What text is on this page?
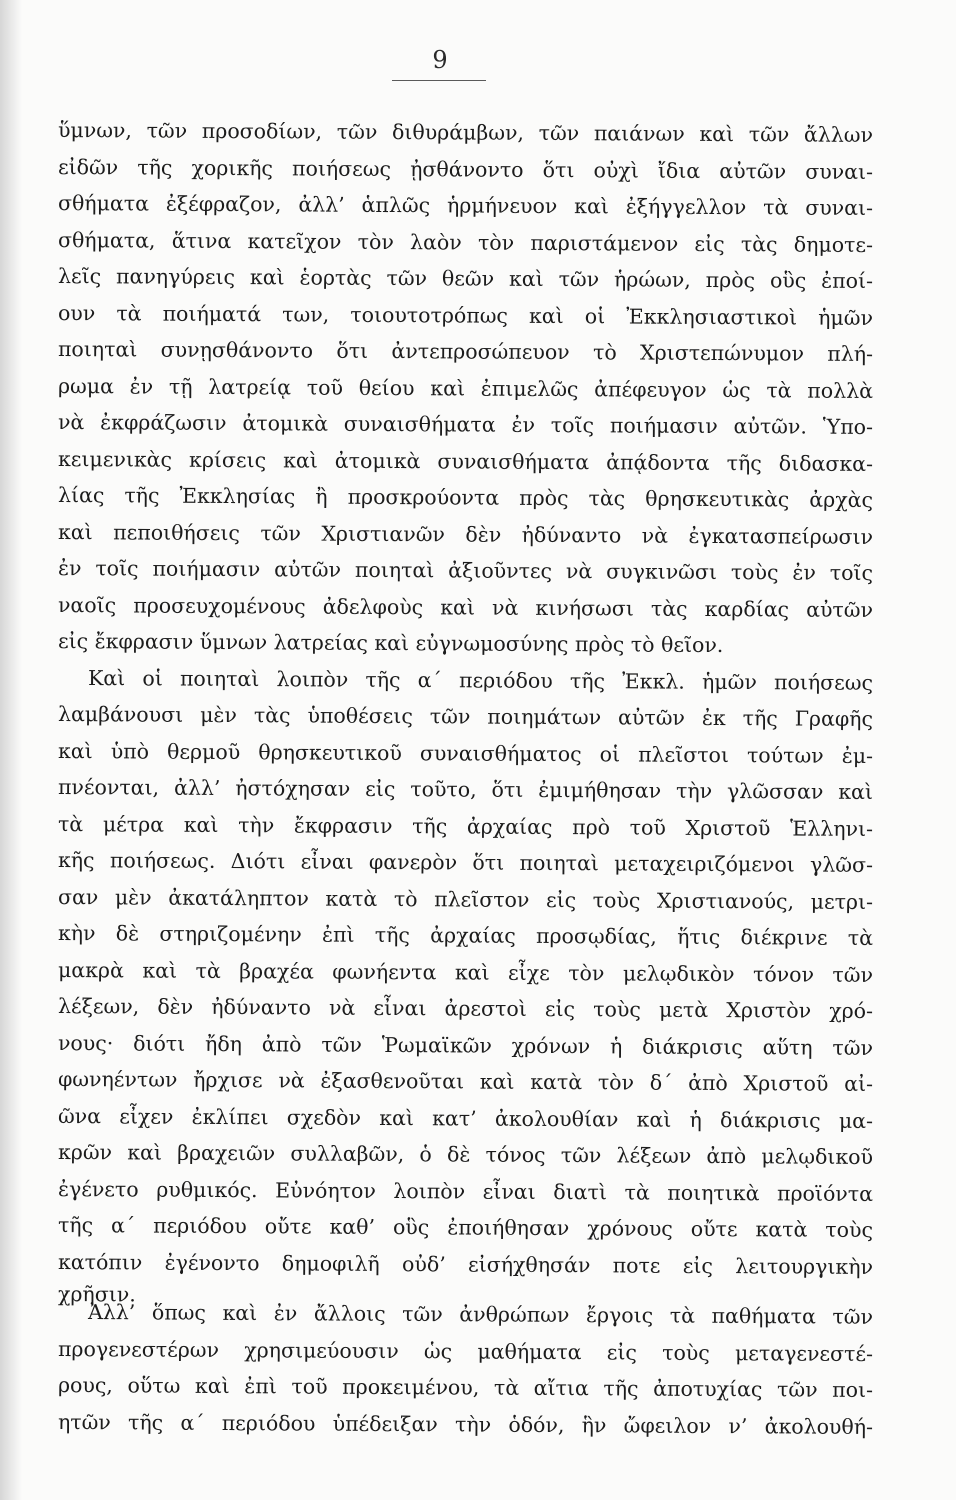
9
ὕμνων, τῶν προσοδίων, τῶν διθυράμβων, τῶν παιάνων καὶ τῶν ἄλλων
εἰδῶν τῆς χορικῆς ποιήσεως ᾐσθάνοντο ὅτι οὐχὶ ἴδια αὐτῶν συναι-
σθήματα ἐξέφραζον, ἀλλ’ ἁπλῶς ἡρμήνευον καὶ ἐξήγγελλον τὰ συναι-
σθήματα, ἅτινα κατεῖχον τὸν λαὸν τὸν παριστάμενον εἰς τὰς δημοτε-
λεῖς πανηγύρεις καὶ ἑορτὰς τῶν θεῶν καὶ τῶν ἡρώων, πρὸς οὓς ἐποί-
ουν τὰ ποιήματά των, τοιουτοτρόπως καὶ οἱ Ἐκκλησιαστικοὶ ἡμῶν
ποιηταὶ συνῃσθάνοντο ὅτι ἀντεπροσώπευον τὸ Χριστεπώνυμον πλή-
ρωμα ἐν τῇ λατρείᾳ τοῦ θείου καὶ ἐπιμελῶς ἀπέφευγον ὡς τὰ πολλὰ
νὰ ἐκφράζωσιν ἀτομικὰ συναισθήματα ἐν τοῖς ποιήμασιν αὐτῶν. Ὑπο-
κειμενικὰς κρίσεις καὶ ἀτομικὰ συναισθήματα ἀπᾴδοντα τῆς διδασκα-
λίας τῆς Ἐκκλησίας ἢ προσκρούοντα πρὸς τὰς θρησκευτικὰς ἀρχὰς
καὶ πεποιθήσεις τῶν Χριστιανῶν δὲν ἠδύναντο νὰ ἐγκατασπείρωσιν
ἐν τοῖς ποιήμασιν αὐτῶν ποιηταὶ ἀξιοῦντες νὰ συγκινῶσι τοὺς ἐν τοῖς
ναοῖς προσευχομένους ἀδελφοὺς καὶ νὰ κινήσωσι τὰς καρδίας αὐτῶν
εἰς ἔκφρασιν ὕμνων λατρείας καὶ εὐγνωμοσύνης πρὸς τὸ θεῖον.
Καὶ οἱ ποιηταὶ λοιπὸν τῆς α΄ περιόδου τῆς Ἐκκλ. ἡμῶν ποιήσεως
λαμβάνουσι μὲν τὰς ὑποθέσεις τῶν ποιημάτων αὐτῶν ἐκ τῆς Γραφῆς
καὶ ὑπὸ θερμοῦ θρησκευτικοῦ συναισθήματος οἱ πλεῖστοι τούτων ἐμ-
πνέονται, ἀλλ’ ἠστόχησαν εἰς τοῦτο, ὅτι ἐμιμήθησαν τὴν γλῶσσαν καὶ
τὰ μέτρα καὶ τὴν ἔκφρασιν τῆς ἀρχαίας πρὸ τοῦ Χριστοῦ Ἑλληνι-
κῆς ποιήσεως. Διότι εἶναι φανερὸν ὅτι ποιηταὶ μεταχειριζόμενοι γλῶσ-
σαν μὲν ἀκατάληπτον κατὰ τὸ πλεῖστον εἰς τοὺς Χριστιανούς, μετρι-
κὴν δὲ στηριζομένην ἐπὶ τῆς ἀρχαίας προσῳδίας, ἥτις διέκρινε τὰ
μακρὰ καὶ τὰ βραχέα φωνήεντα καὶ εἶχε τὸν μελῳδικὸν τόνον τῶν
λέξεων, δὲν ἠδύναντο νὰ εἶναι ἀρεστοὶ εἰς τοὺς μετὰ Χριστὸν χρό-
νους· διότι ἤδη ἀπὸ τῶν Ῥωμαϊκῶν χρόνων ἡ διάκρισις αὕτη τῶν
φωνηέντων ἤρχισε νὰ ἐξασθενοῦται καὶ κατὰ τὸν δ΄ ἀπὸ Χριστοῦ αἰ-
ῶνα εἶχεν ἐκλίπει σχεδὸν καὶ κατ’ ἀκολουθίαν καὶ ἡ διάκρισις μα-
κρῶν καὶ βραχειῶν συλλαβῶν, ὁ δὲ τόνος τῶν λέξεων ἀπὸ μελῳδικοῦ
ἐγένετο ρυθμικός. Εὐνόητον λοιπὸν εἶναι διατὶ τὰ ποιητικὰ προϊόντα
τῆς α΄ περιόδου οὔτε καθ’ οὓς ἐποιήθησαν χρόνους οὔτε κατὰ τοὺς
κατόπιν ἐγένοντο δημοφιλῆ οὐδ’ εἰσήχθησάν ποτε εἰς λειτουργικὴν
χρῆσιν.
Ἀλλ’ ὅπως καὶ ἐν ἄλλοις τῶν ἀνθρώπων ἔργοις τὰ παθήματα τῶν
προγενεστέρων χρησιμεύουσιν ὡς μαθήματα εἰς τοὺς μεταγενεστέ-
ρους, οὕτω καὶ ἐπὶ τοῦ προκειμένου, τὰ αἴτια τῆς ἀποτυχίας τῶν ποι-
ητῶν τῆς α΄ περιόδου ὑπέδειξαν τὴν ὁδόν, ἣν ὤφειλον ν’ ἀκολουθή-
